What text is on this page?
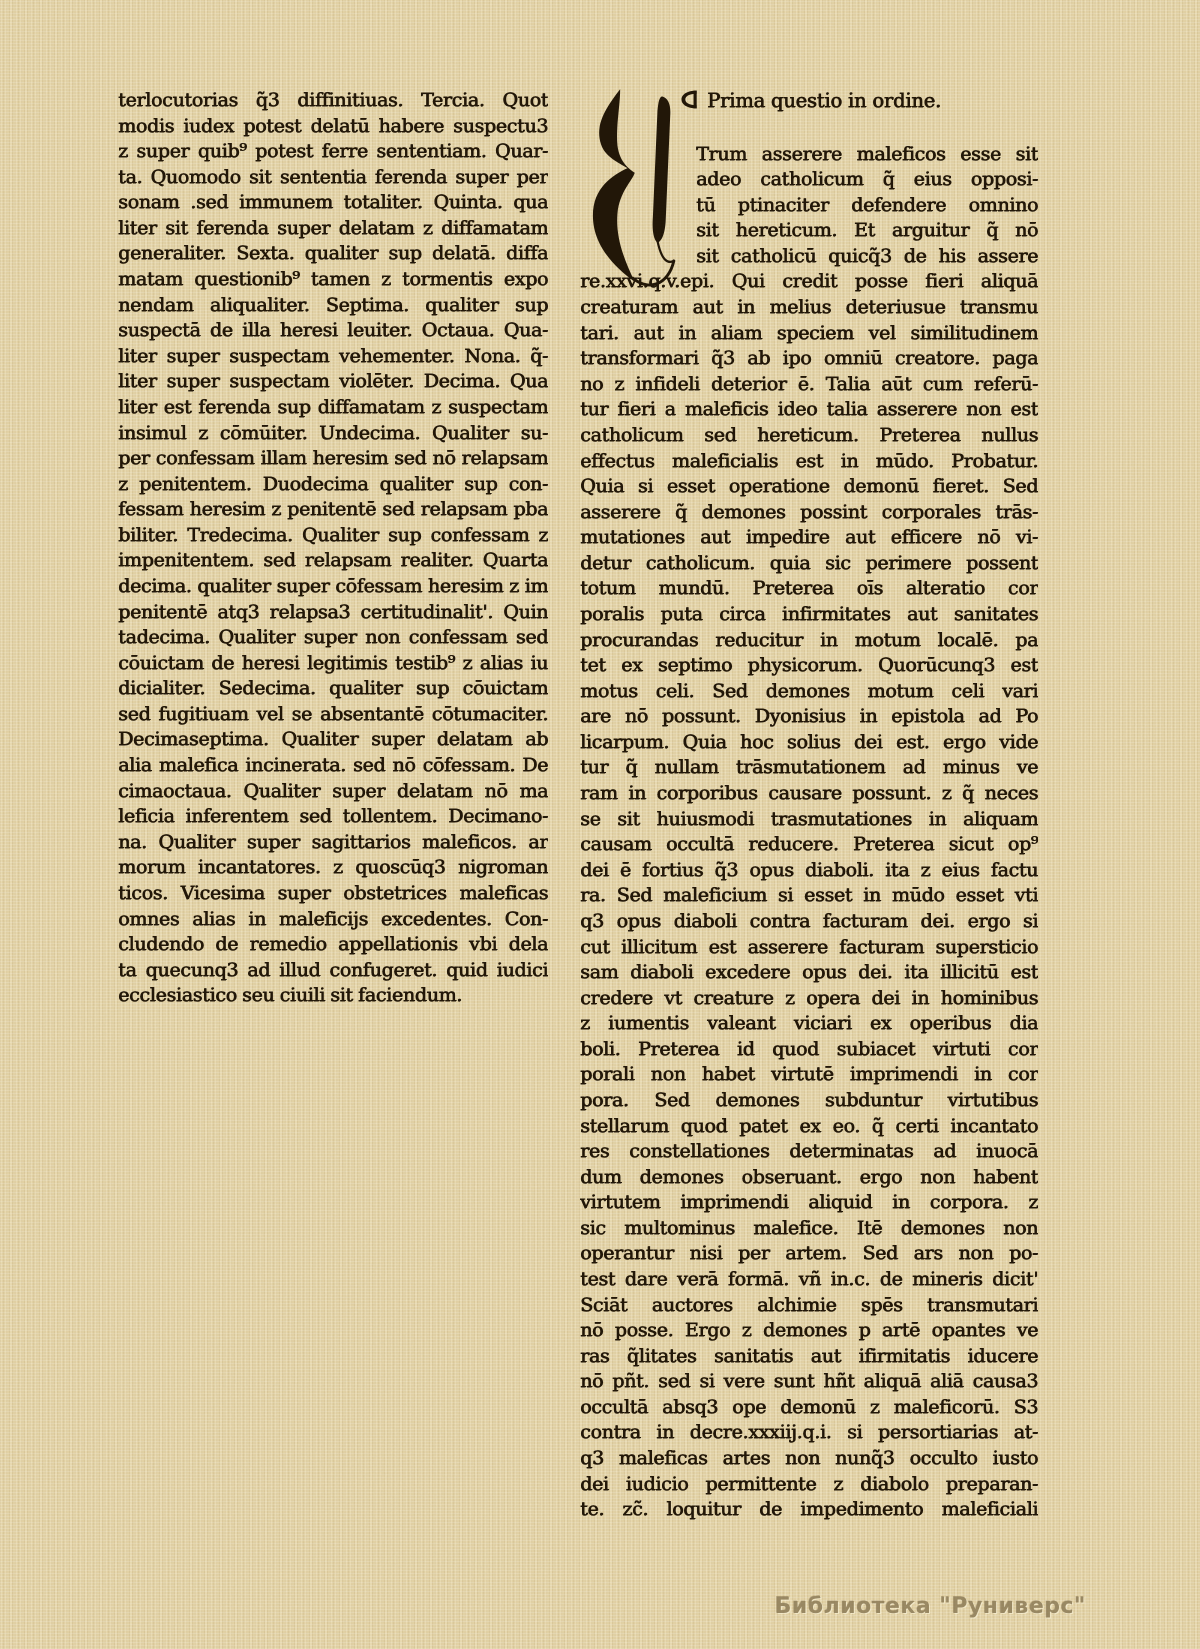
terlocutorias q̃3 diffinitiuas. Tercia. Quot
modis iudex potest delatū habere suspectu3
z super quib⁹ potest ferre sententiam. Quar-
ta. Quomodo sit sententia ferenda super per
sonam .sed immunem totaliter. Quinta. qua
liter sit ferenda super delatam z diffamatam
generaliter. Sexta. qualiter sup delatā. diffa
matam questionib⁹ tamen z tormentis expo
nendam aliqualiter. Septima. qualiter sup
suspectā de illa heresi leuiter. Octaua. Qua-
liter super suspectam vehementer. Nona. q̃-
liter super suspectam violēter. Decima. Qua
liter est ferenda sup diffamatam z suspectam
insimul z cōmūiter. Undecima. Qualiter su-
per confessam illam heresim sed nō relapsam
z penitentem. Duodecima qualiter sup con-
fessam heresim z penitentē sed relapsam pba
biliter. Tredecima. Qualiter sup confessam z
impenitentem. sed relapsam realiter. Quarta
decima. qualiter super cōfessam heresim z im
penitentē atq3 relapsa3 certitudinalit'. Quin
tadecima. Qualiter super non confessam sed
cōuictam de heresi legitimis testib⁹ z alias iu
dicialiter. Sedecima. qualiter sup cōuictam
sed fugitiuam vel se absentantē cōtumaciter.
Decimaseptima. Qualiter super delatam ab
alia malefica incinerata. sed nō cōfessam. De
cimaoctaua. Qualiter super delatam nō ma
leficia inferentem sed tollentem. Decimano-
na. Qualiter super sagittarios maleficos. ar
morum incantatores. z quoscūq3 nigroman
ticos. Vicesima super obstetrices maleficas
omnes alias in maleficijs excedentes. Con-
cludendo de remedio appellationis vbi dela
ta quecunq3 ad illud confugeret. quid iudici
ecclesiastico seu ciuili sit faciendum.
Prima questio in ordine.
Trum asserere maleficos esse sit
adeo catholicum q̃ eius opposi-
tū ptinaciter defendere omnino
sit hereticum. Et arguitur q̃ nō
sit catholicū quicq̃3 de his assere
re.xxvi.q.v.epi. Qui credit posse fieri aliquā
creaturam aut in melius deteriusue transmu
tari. aut in aliam speciem vel similitudinem
transformari q̃3 ab ipo omniū creatore. paga
no z infideli deterior ē. Talia aūt cum referū-
tur fieri a maleficis ideo talia asserere non est
catholicum sed hereticum. Preterea nullus
effectus maleficialis est in mūdo. Probatur.
Quia si esset operatione demonū fieret. Sed
asserere q̃ demones possint corporales trās-
mutationes aut impedire aut efficere nō vi-
detur catholicum. quia sic perimere possent
totum mundū. Preterea oīs alteratio cor
poralis puta circa infirmitates aut sanitates
procurandas reducitur in motum localē. pa
tet ex septimo physicorum. Quorūcunq3 est
motus celi. Sed demones motum celi vari
are nō possunt. Dyonisius in epistola ad Po
licarpum. Quia hoc solius dei est. ergo vide
tur q̃ nullam trāsmutationem ad minus ve
ram in corporibus causare possunt. z q̃ neces
se sit huiusmodi trasmutationes in aliquam
causam occultā reducere. Preterea sicut op⁹
dei ē fortius q̃3 opus diaboli. ita z eius factu
ra. Sed maleficium si esset in mūdo esset vti
q3 opus diaboli contra facturam dei. ergo si
cut illicitum est asserere facturam supersticio
sam diaboli excedere opus dei. ita illicitū est
credere vt creature z opera dei in hominibus
z iumentis valeant viciari ex operibus dia
boli. Preterea id quod subiacet virtuti cor
porali non habet virtutē imprimendi in cor
pora. Sed demones subduntur virtutibus
stellarum quod patet ex eo. q̃ certi incantato
res constellationes determinatas ad inuocā
dum demones obseruant. ergo non habent
virtutem imprimendi aliquid in corpora. z
sic multominus malefice. Itē demones non
operantur nisi per artem. Sed ars non po-
test dare verā formā. vñ in.c. de mineris dicit'
Sciāt auctores alchimie spēs transmutari
nō posse. Ergo z demones p artē opantes ve
ras q̃litates sanitatis aut ifirmitatis iducere
nō pñt. sed si vere sunt hñt aliquā aliā causa3
occultā absq3 ope demonū z maleficorū. S3
contra in decre.xxxiij.q.i. si persortiarias at-
q3 maleficas artes non nunq̃3 occulto iusto
dei iudicio permittente z diabolo preparan-
te. zc̃. loquitur de impedimento maleficiali
Библиотека "Руниверс"
